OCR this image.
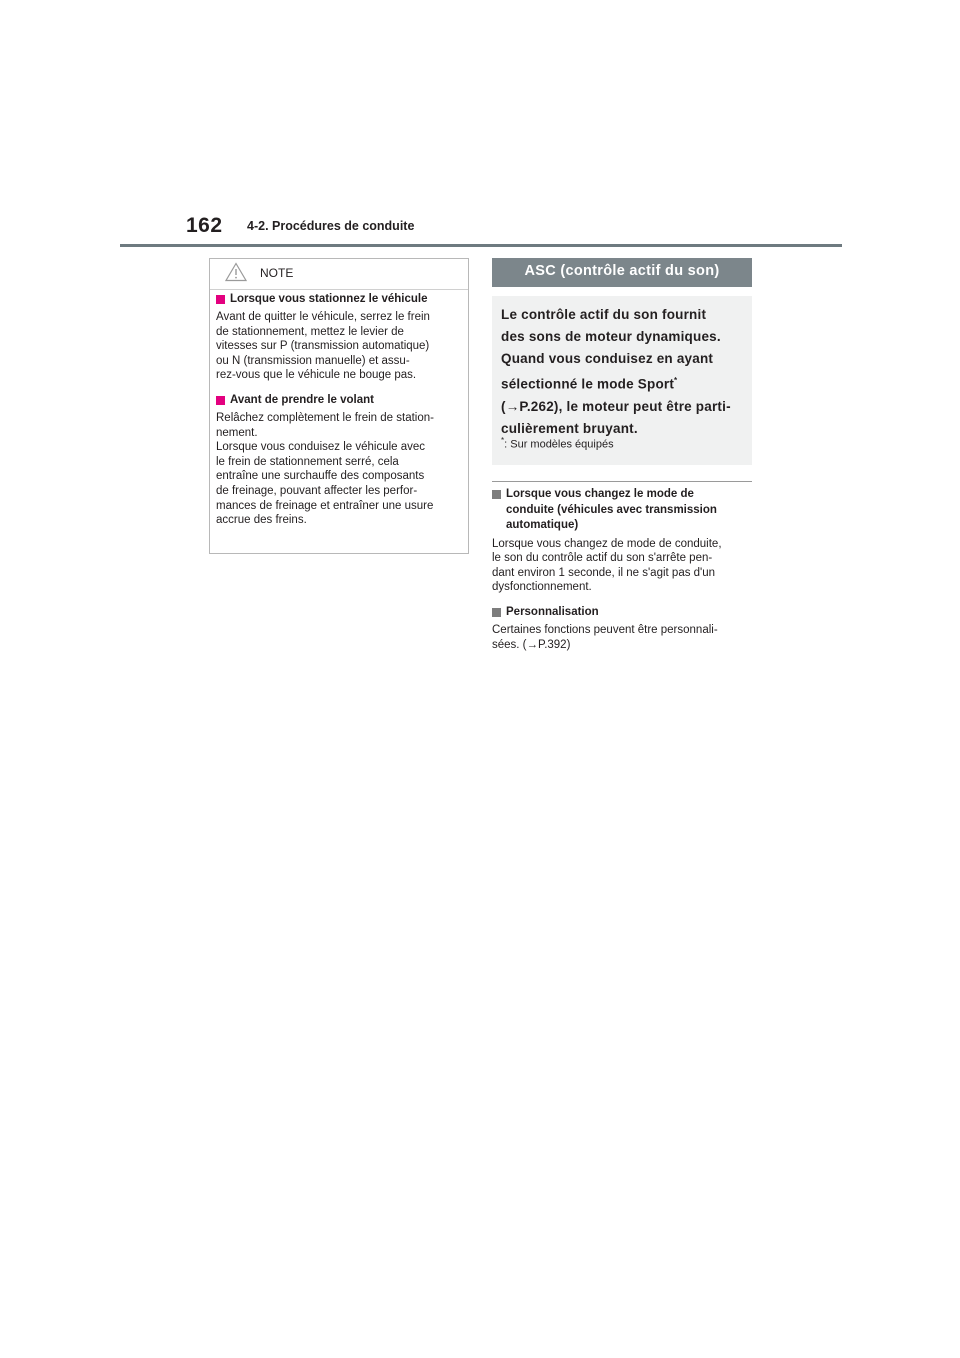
162 4-2. Procédures de conduite
NOTE
Lorsque vous stationnez le véhicule

Avant de quitter le véhicule, serrez le frein
de stationnement, mettez le levier de
vitesses sur P (transmission automatique)
ou N (transmission manuelle) et assu-
rez-vous que le véhicule ne bouge pas.

Avant de prendre le volant

Relâchez complètement le frein de station-
nement.
Lorsque vous conduisez le véhicule avec
le frein de stationnement serré, cela
entraîne une surchauffe des composants
de freinage, pouvant affecter les perfor-
mances de freinage et entraîner une usure
accrue des freins.

ASC (contrôle actif du son)
Le contrôle actif du son fournit
des sons de moteur dynamiques.
Quand vous conduisez en ayant
sélectionné le mode Sport*
(→P.262), le moteur peut être parti-
culièrement bruyant.
*: Sur modèles équipés
Lorsque vous changez le mode de
conduite (véhicules avec transmission
automatique)

Lorsque vous changez de mode de conduite,
le son du contrôle actif du son s'arrête pen-
dant environ 1 seconde, il ne s'agit pas d'un
dysfonctionnement.

Personnalisation

Certaines fonctions peuvent être personnali-
sées. (→P.392)
